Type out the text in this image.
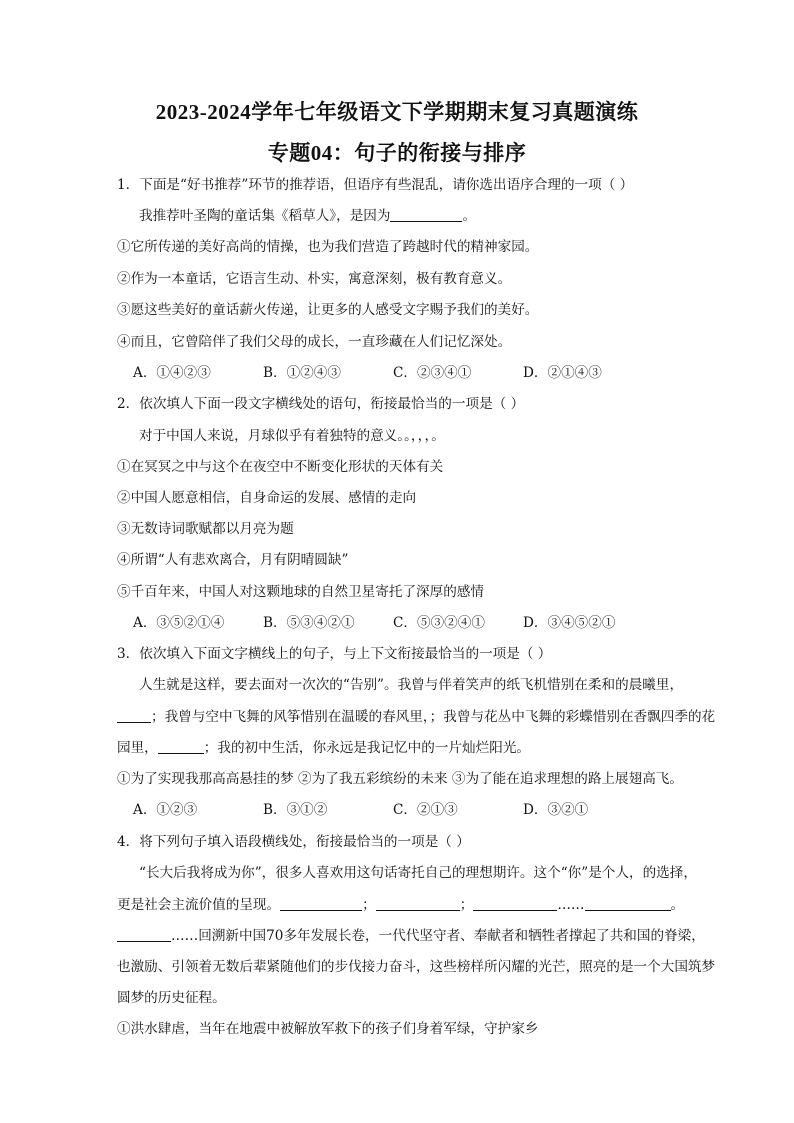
2023-2024学年七年级语文下学期期末复习真题演练
专题04：句子的衔接与排序
1．下面是“好书推荐”环节的推荐语，但语序有些混乱，请你选出语序合理的一项（ ）
我推荐叶圣陶的童话集《稻草人》，是因为	。
①它所传递的美好高尚的情操，也为我们营造了跨越时代的精神家园。
②作为一本童话，它语言生动、朴实，寓意深刻，极有教育意义。
③愿这些美好的童话薪火传递，让更多的人感受文字赐予我们的美好。
④而且，它曾陪伴了我们父母的成长，一直珍藏在人们记忆深处。
A．①④②③	B．①②④③	C．②③④①	D．②①④③
2．依次填人下面一段文字横线处的语句，衔接最恰当的一项是（ ）
对于中国人来说，月球似乎有着独特的意义。。，，，。
①在冥冥之中与这个在夜空中不断变化形状的天体有关
②中国人愿意相信，自身命运的发展、感情的走向
③无数诗词歌赋都以月亮为题
④所谓“人有悲欢离合，月有阴晴圆缺”
⑤千百年来，中国人对这颗地球的自然卫星寄托了深厚的感情
A．③⑤②①④	B．⑤③④②①	C．⑤③②④①	D．③④⑤②①
3．依次填入下面文字横线上的句子，与上下文衔接最恰当的一项是（ ）
人生就是这样，要去面对一次次的“告别”。我曾与伴着笑声的纸飞机惜别在柔和的晨曦里，
；我曾与空中飞舞的风筝惜别在温暖的春风里，；我曾与花丛中飞舞的彩蝶惜别在香飘四季的花
园里，	；我的初中生活，你永远是我记忆中的一片灿烂阳光。
①为了实现我那高高悬挂的梦 ②为了我五彩缤纷的未来 ③为了能在追求理想的路上展翅高飞。
A．①②③	B．③①②	C．②①③	D．③②①
4．将下列句子填入语段横线处，衔接最恰当的一项是（ ）
“长大后我将成为你”，很多人喜欢用这句话寄托自己的理想期许。这个“你”是个人，的选择，
更是社会主流价值的呈现。	；	；	……	。
……回溯新中国70多年发展长卷，一代代坚守者、奉献者和牺牲者撑起了共和国的脊梁，
也激励、引领着无数后辈紧随他们的步伐接力奋斗，这些榜样所闪耀的光芒，照亮的是一个大国筑梦
圆梦的历史征程。
①洪水肆虐，当年在地震中被解放军救下的孩子们身着军绿，守护家乡
